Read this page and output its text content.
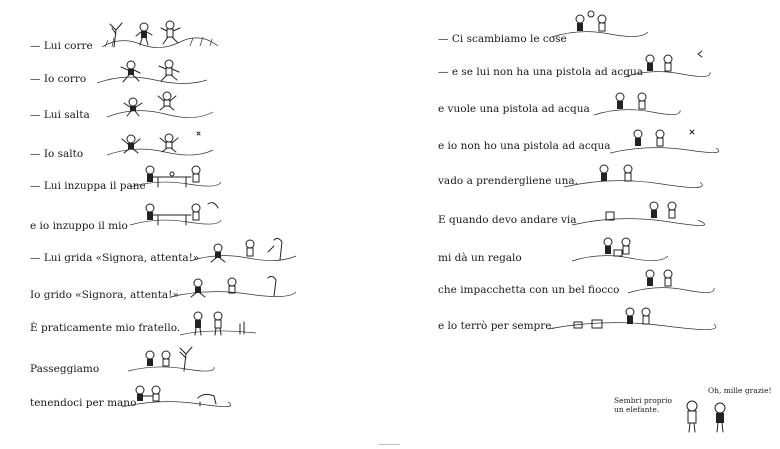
— Lui corre
— Io corro
— Lui salta
— Io salto
— Lui inzuppa il pane
e io inzuppo il mio
— Lui grida «Signora, attenta!»
Io grido «Signora, attenta!»
È praticamente mio fratello.
Passeggiamo
tenendoci per mano
— Ci scambiamo le cose
— e se lui non ha una pistola ad acqua
e vuole una pistola ad acqua
e io non ho una pistola ad acqua
vado a prendergliene una.
E quando devo andare via
mi dà un regalo
che impacchetta con un bel fiocco
e lo terrò per sempre.
Sembri proprio
un elefante.
Oh, mille grazie!
